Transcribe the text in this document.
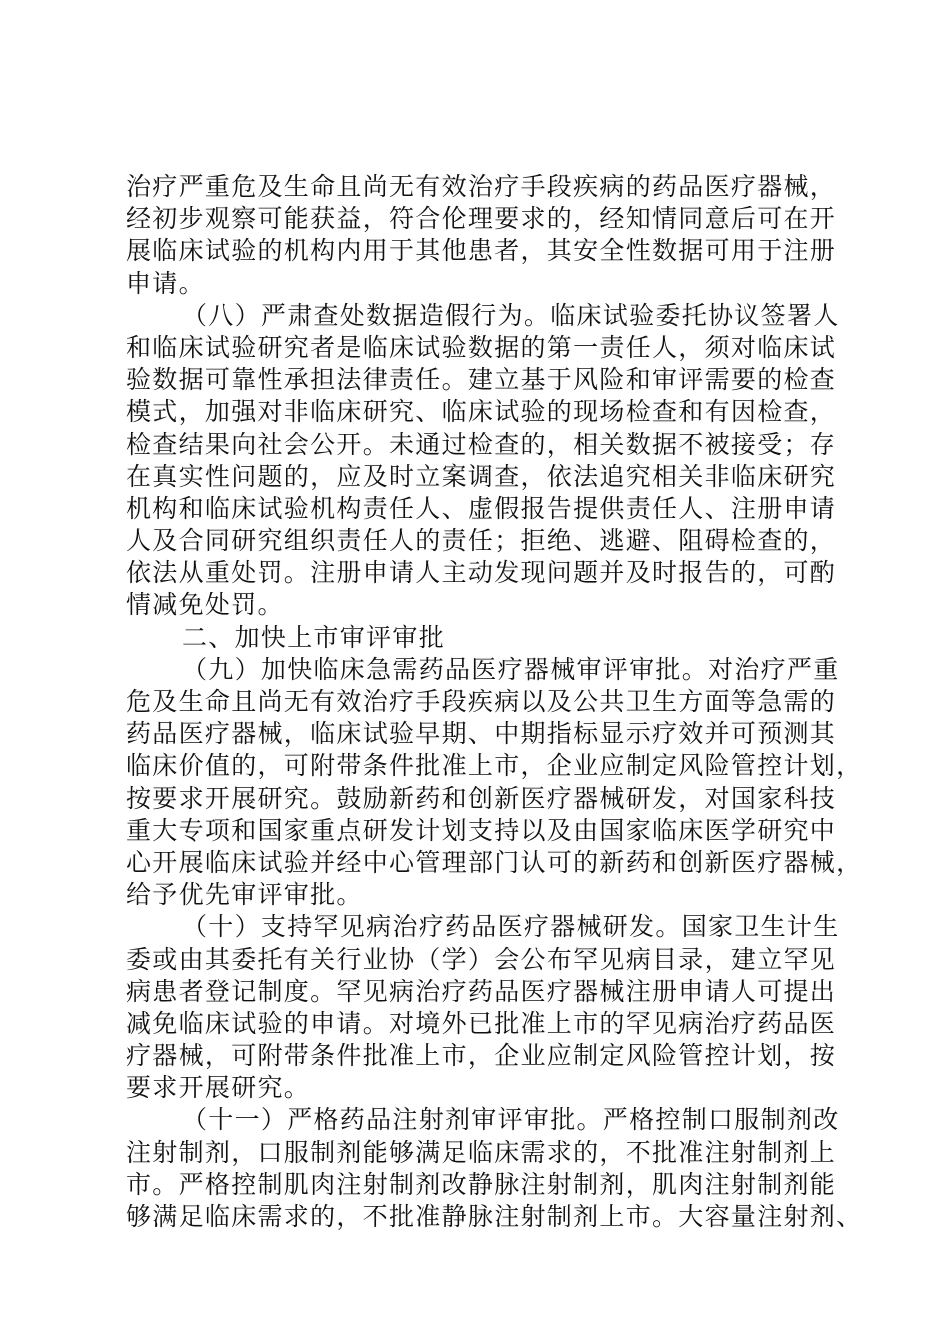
治疗严重危及生命且尚无有效治疗手段疾病的药品医疗器械，
经初步观察可能获益，符合伦理要求的，经知情同意后可在开
展临床试验的机构内用于其他患者，其安全性数据可用于注册
申请。
（八）严肃查处数据造假行为。临床试验委托协议签署人
和临床试验研究者是临床试验数据的第一责任人，须对临床试
验数据可靠性承担法律责任。建立基于风险和审评需要的检查
模式，加强对非临床研究、临床试验的现场检查和有因检查，
检查结果向社会公开。未通过检查的，相关数据不被接受；存
在真实性问题的，应及时立案调查，依法追究相关非临床研究
机构和临床试验机构责任人、虚假报告提供责任人、注册申请
人及合同研究组织责任人的责任；拒绝、逃避、阻碍检查的，
依法从重处罚。注册申请人主动发现问题并及时报告的，可酌
情减免处罚。
二、加快上市审评审批
（九）加快临床急需药品医疗器械审评审批。对治疗严重
危及生命且尚无有效治疗手段疾病以及公共卫生方面等急需的
药品医疗器械，临床试验早期、中期指标显示疗效并可预测其
临床价值的，可附带条件批准上市，企业应制定风险管控计划，
按要求开展研究。鼓励新药和创新医疗器械研发，对国家科技
重大专项和国家重点研发计划支持以及由国家临床医学研究中
心开展临床试验并经中心管理部门认可的新药和创新医疗器械，
给予优先审评审批。
（十）支持罕见病治疗药品医疗器械研发。国家卫生计生
委或由其委托有关行业协（学）会公布罕见病目录，建立罕见
病患者登记制度。罕见病治疗药品医疗器械注册申请人可提出
减免临床试验的申请。对境外已批准上市的罕见病治疗药品医
疗器械，可附带条件批准上市，企业应制定风险管控计划，按
要求开展研究。
（十一）严格药品注射剂审评审批。严格控制口服制剂改
注射制剂，口服制剂能够满足临床需求的，不批准注射制剂上
市。严格控制肌肉注射制剂改静脉注射制剂，肌肉注射制剂能
够满足临床需求的，不批准静脉注射制剂上市。大容量注射剂、
